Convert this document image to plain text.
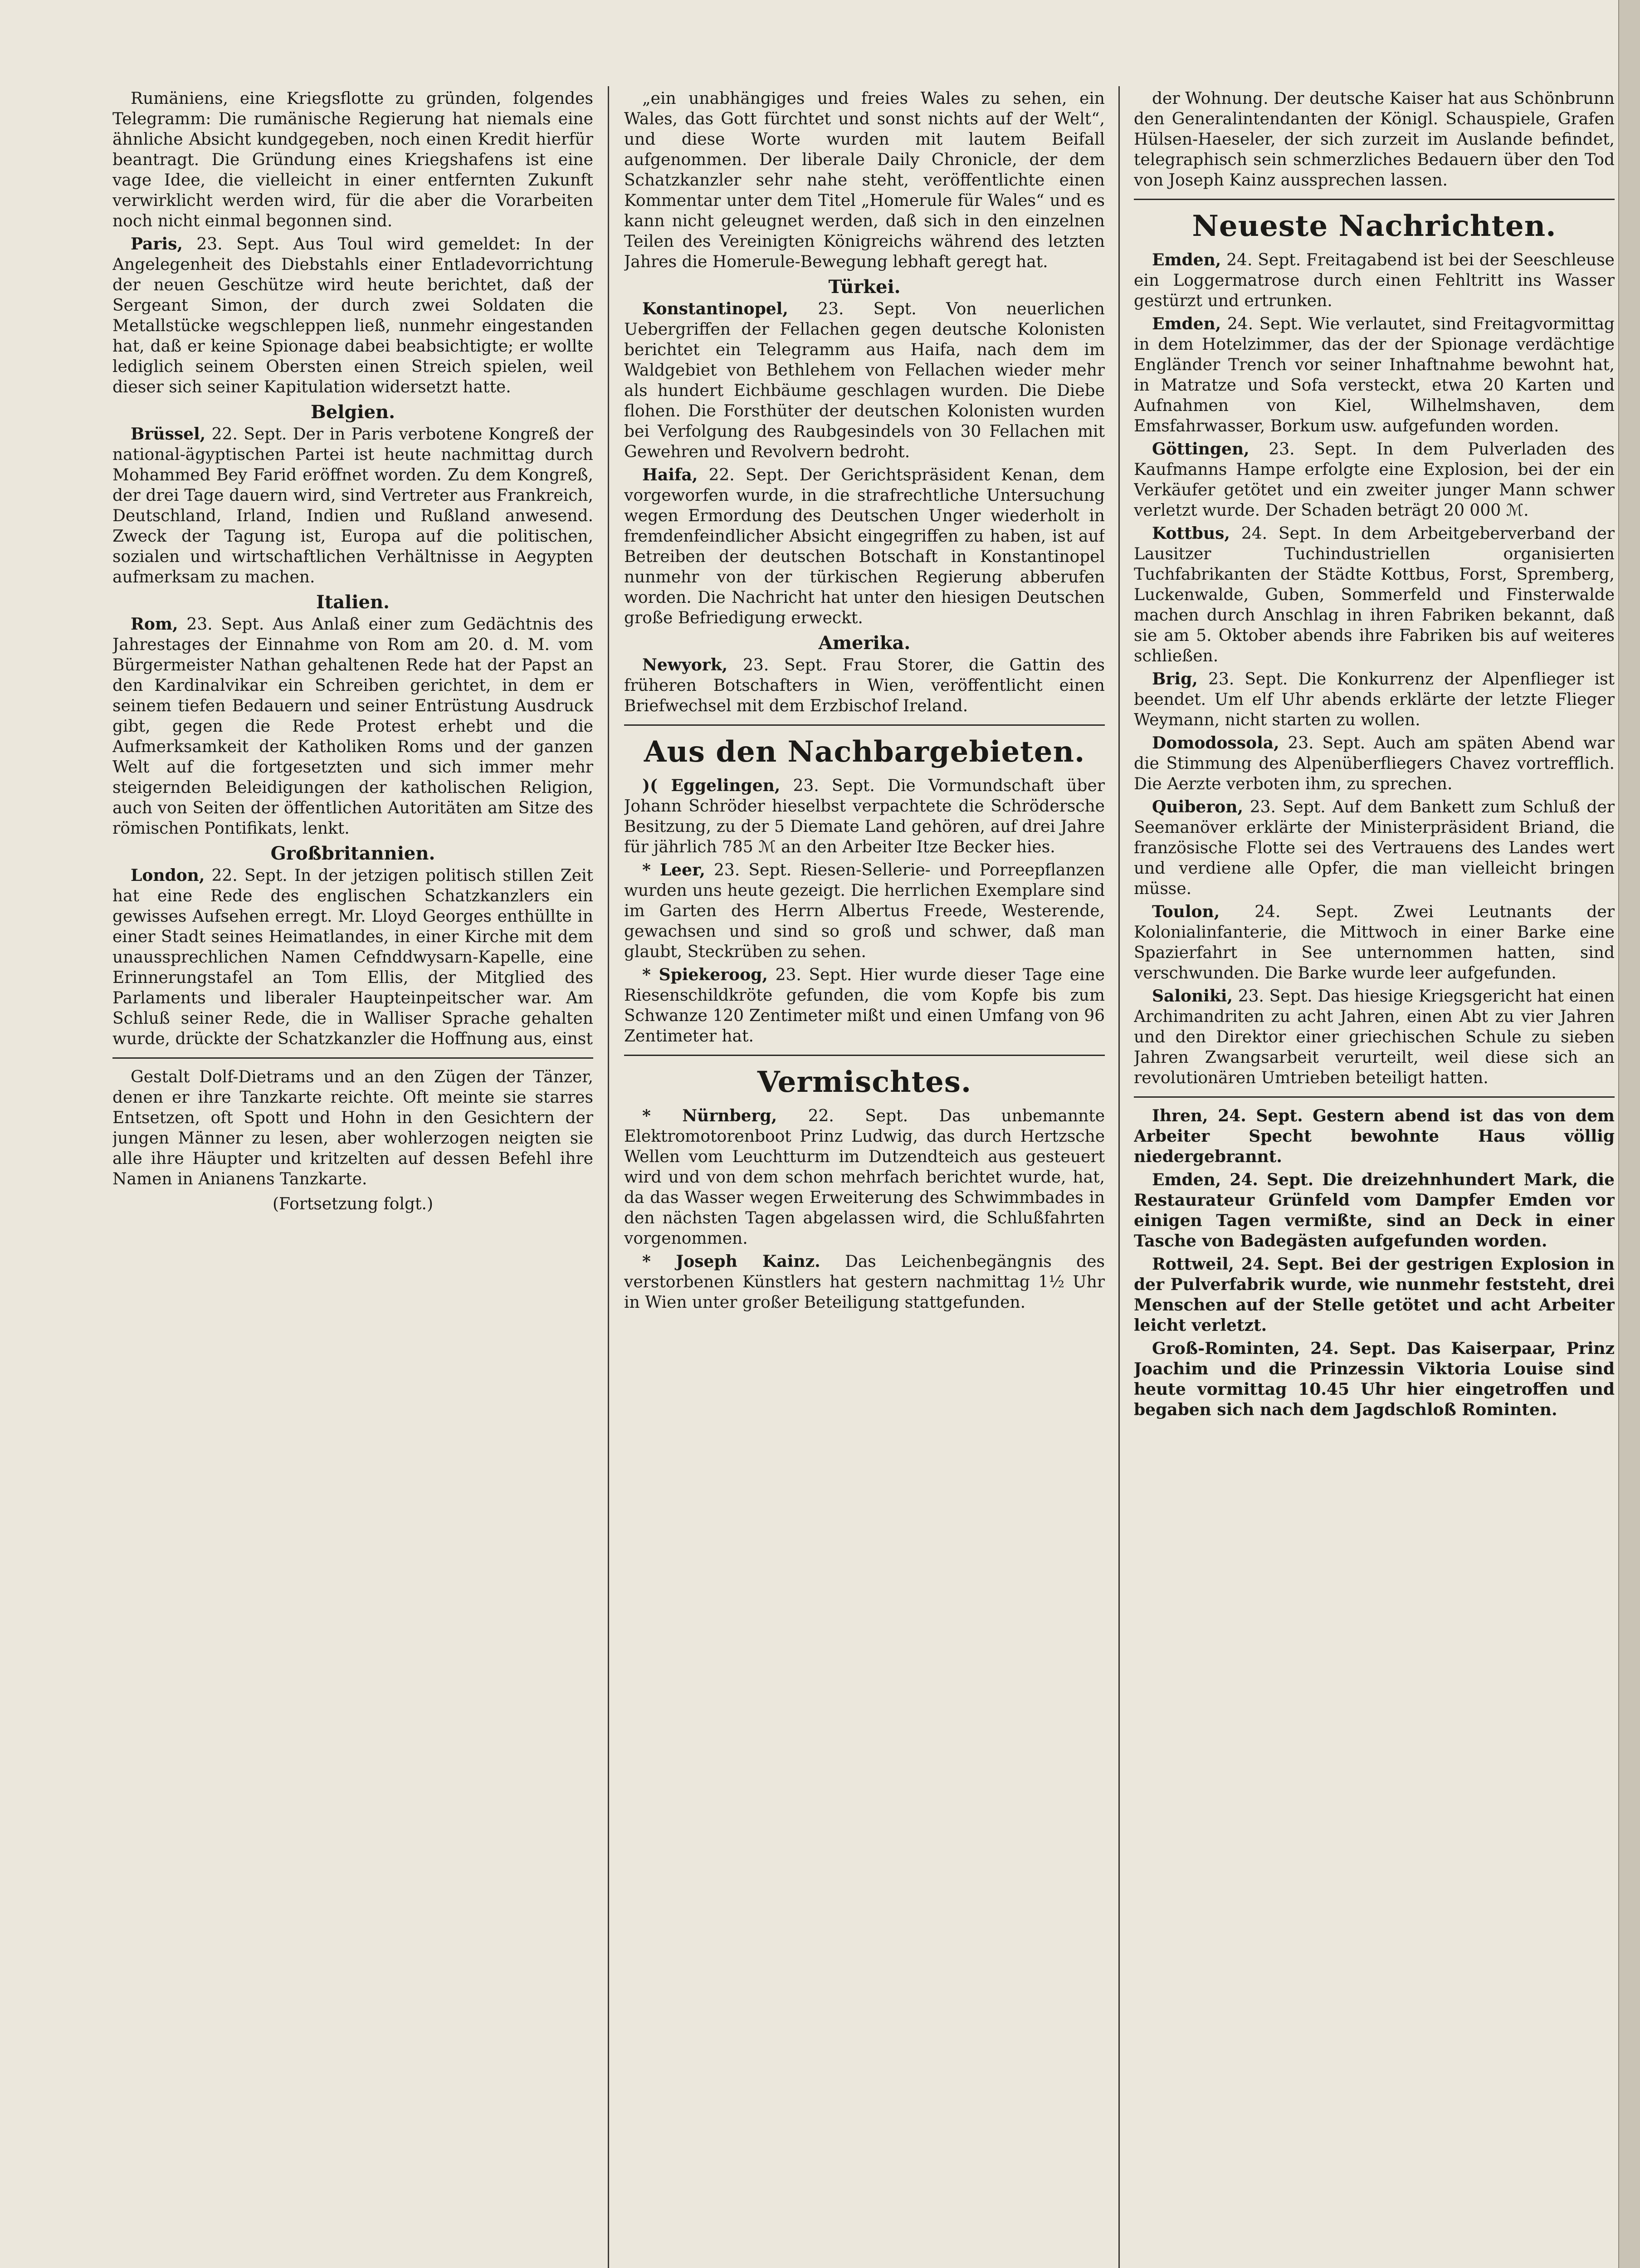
Rumäniens, eine Kriegsflotte zu gründen, folgendes Telegramm: Die rumänische Regierung hat niemals eine ähnliche Absicht kundgegeben, noch einen Kredit hierfür beantragt. Die Gründung eines Kriegshafens ist eine vage Idee, die vielleicht in einer entfernten Zukunft verwirklicht werden wird, für die aber die Vorarbeiten noch nicht einmal begonnen sind.

Paris, 23. Sept. Aus Toul wird gemeldet: In der Angelegenheit des Diebstahls einer Entladevorrichtung der neuen Geschütze wird heute berichtet, daß der Sergeant Simon, der durch zwei Soldaten die Metallstücke wegschleppen ließ, nunmehr eingestanden hat, daß er keine Spionage dabei beabsichtigte; er wollte lediglich seinem Obersten einen Streich spielen, weil dieser sich seiner Kapitulation widersetzt hatte.

Belgien.

Brüssel, 22. Sept. Der in Paris verbotene Kongreß der national-ägyptischen Partei ist heute nachmittag durch Mohammed Bey Farid eröffnet worden. Zu dem Kongreß, der drei Tage dauern wird, sind Vertreter aus Frankreich, Deutschland, Irland, Indien und Rußland anwesend. Zweck der Tagung ist, Europa auf die politischen, sozialen und wirtschaftlichen Verhältnisse in Aegypten aufmerksam zu machen.

Italien.

Rom, 23. Sept. Aus Anlaß einer zum Gedächtnis des Jahrestages der Einnahme von Rom am 20. d. M. vom Bürgermeister Nathan gehaltenen Rede hat der Papst an den Kardinalvikar ein Schreiben gerichtet, in dem er seinem tiefen Bedauern und seiner Entrüstung Ausdruck gibt, gegen die Rede Protest erhebt und die Aufmerksamkeit der Katholiken Roms und der ganzen Welt auf die fortgesetzten und sich immer mehr steigernden Beleidigungen der katholischen Religion, auch von Seiten der öffentlichen Autoritäten am Sitze des römischen Pontifikats, lenkt.

Großbritannien.

London, 22. Sept. In der jetzigen politisch stillen Zeit hat eine Rede des englischen Schatzkanzlers ein gewisses Aufsehen erregt. Mr. Lloyd Georges enthüllte in einer Stadt seines Heimatlandes, in einer Kirche mit dem unaussprechlichen Namen Cefnddwysarn-Kapelle, eine Erinnerungstafel an Tom Ellis, der Mitglied des Parlaments und liberaler Haupteinpeitscher war. Am Schluß seiner Rede, die in Walliser Sprache gehalten wurde, drückte der Schatzkanzler die Hoffnung aus, einst

Gestalt Dolf-Dietrams und an den Zügen der Tänzer, denen er ihre Tanzkarte reichte. Oft meinte sie starres Entsetzen, oft Spott und Hohn in den Gesichtern der jungen Männer zu lesen, aber wohlerzogen neigten sie alle ihre Häupter und kritzelten auf dessen Befehl ihre Namen in Anianens Tanzkarte.

(Fortsetzung folgt.)

„ein unabhängiges und freies Wales zu sehen, ein Wales, das Gott fürchtet und sonst nichts auf der Welt“, und diese Worte wurden mit lautem Beifall aufgenommen. Der liberale Daily Chronicle, der dem Schatzkanzler sehr nahe steht, veröffentlichte einen Kommentar unter dem Titel „Homerule für Wales“ und es kann nicht geleugnet werden, daß sich in den einzelnen Teilen des Vereinigten Königreichs während des letzten Jahres die Homerule-Bewegung lebhaft geregt hat.

Türkei.

Konstantinopel, 23. Sept. Von neuerlichen Uebergriffen der Fellachen gegen deutsche Kolonisten berichtet ein Telegramm aus Haifa, nach dem im Waldgebiet von Bethlehem von Fellachen wieder mehr als hundert Eichbäume geschlagen wurden. Die Diebe flohen. Die Forsthüter der deutschen Kolonisten wurden bei Verfolgung des Raubgesindels von 30 Fellachen mit Gewehren und Revolvern bedroht.

Haifa, 22. Sept. Der Gerichtspräsident Kenan, dem vorgeworfen wurde, in die strafrechtliche Untersuchung wegen Ermordung des Deutschen Unger wiederholt in fremdenfeindlicher Absicht eingegriffen zu haben, ist auf Betreiben der deutschen Botschaft in Konstantinopel nunmehr von der türkischen Regierung abberufen worden. Die Nachricht hat unter den hiesigen Deutschen große Befriedigung erweckt.

Amerika.

Newyork, 23. Sept. Frau Storer, die Gattin des früheren Botschafters in Wien, veröffentlicht einen Briefwechsel mit dem Erzbischof Ireland.

Aus den Nachbargebieten.

)( Eggelingen, 23. Sept. Die Vormundschaft über Johann Schröder hieselbst verpachtete die Schrödersche Besitzung, zu der 5 Diemate Land gehören, auf drei Jahre für jährlich 785 ℳ an den Arbeiter Itze Becker hies.

* Leer, 23. Sept. Riesen-Sellerie- und Porreepflanzen wurden uns heute gezeigt. Die herrlichen Exemplare sind im Garten des Herrn Albertus Freede, Westerende, gewachsen und sind so groß und schwer, daß man glaubt, Steckrüben zu sehen.

* Spiekeroog, 23. Sept. Hier wurde dieser Tage eine Riesenschildkröte gefunden, die vom Kopfe bis zum Schwanze 120 Zentimeter mißt und einen Umfang von 96 Zentimeter hat.

Vermischtes.

* Nürnberg, 22. Sept. Das unbemannte Elektromotorenboot Prinz Ludwig, das durch Hertzsche Wellen vom Leuchtturm im Dutzendteich aus gesteuert wird und von dem schon mehrfach berichtet wurde, hat, da das Wasser wegen Erweiterung des Schwimmbades in den nächsten Tagen abgelassen wird, die Schlußfahrten vorgenommen.

* Joseph Kainz. Das Leichenbegängnis des verstorbenen Künstlers hat gestern nachmittag 1½ Uhr in Wien unter großer Beteiligung stattgefunden.

der Wohnung. Der deutsche Kaiser hat aus Schönbrunn den Generalintendanten der Königl. Schauspiele, Grafen Hülsen-Haeseler, der sich zurzeit im Auslande befindet, telegraphisch sein schmerzliches Bedauern über den Tod von Joseph Kainz aussprechen lassen.

Neueste Nachrichten.

Emden, 24. Sept. Freitagabend ist bei der Seeschleuse ein Loggermatrose durch einen Fehltritt ins Wasser gestürzt und ertrunken.

Emden, 24. Sept. Wie verlautet, sind Freitagvormittag in dem Hotelzimmer, das der der Spionage verdächtige Engländer Trench vor seiner Inhaftnahme bewohnt hat, in Matratze und Sofa versteckt, etwa 20 Karten und Aufnahmen von Kiel, Wilhelmshaven, dem Emsfahrwasser, Borkum usw. aufgefunden worden.

Göttingen, 23. Sept. In dem Pulverladen des Kaufmanns Hampe erfolgte eine Explosion, bei der ein Verkäufer getötet und ein zweiter junger Mann schwer verletzt wurde. Der Schaden beträgt 20 000 ℳ.

Kottbus, 24. Sept. In dem Arbeitgeberverband der Lausitzer Tuchindustriellen organisierten Tuchfabrikanten der Städte Kottbus, Forst, Spremberg, Luckenwalde, Guben, Sommerfeld und Finsterwalde machen durch Anschlag in ihren Fabriken bekannt, daß sie am 5. Oktober abends ihre Fabriken bis auf weiteres schließen.

Brig, 23. Sept. Die Konkurrenz der Alpenflieger ist beendet. Um elf Uhr abends erklärte der letzte Flieger Weymann, nicht starten zu wollen.

Domodossola, 23. Sept. Auch am späten Abend war die Stimmung des Alpenüberfliegers Chavez vortrefflich. Die Aerzte verboten ihm, zu sprechen.

Quiberon, 23. Sept. Auf dem Bankett zum Schluß der Seemanöver erklärte der Ministerpräsident Briand, die französische Flotte sei des Vertrauens des Landes wert und verdiene alle Opfer, die man vielleicht bringen müsse.

Toulon, 24. Sept. Zwei Leutnants der Kolonialinfanterie, die Mittwoch in einer Barke eine Spazierfahrt in See unternommen hatten, sind verschwunden. Die Barke wurde leer aufgefunden.

Saloniki, 23. Sept. Das hiesige Kriegsgericht hat einen Archimandriten zu acht Jahren, einen Abt zu vier Jahren und den Direktor einer griechischen Schule zu sieben Jahren Zwangsarbeit verurteilt, weil diese sich an revolutionären Umtrieben beteiligt hatten.

Ihren, 24. Sept. Gestern abend ist das von dem Arbeiter Specht bewohnte Haus völlig niedergebrannt.

Emden, 24. Sept. Die dreizehnhundert Mark, die Restaurateur Grünfeld vom Dampfer Emden vor einigen Tagen vermißte, sind an Deck in einer Tasche von Badegästen aufgefunden worden.

Rottweil, 24. Sept. Bei der gestrigen Explosion in der Pulverfabrik wurde, wie nunmehr feststeht, drei Menschen auf der Stelle getötet und acht Arbeiter leicht verletzt.

Groß-Rominten, 24. Sept. Das Kaiserpaar, Prinz Joachim und die Prinzessin Viktoria Louise sind heute vormittag 10.45 Uhr hier eingetroffen und begaben sich nach dem Jagdschloß Rominten.
